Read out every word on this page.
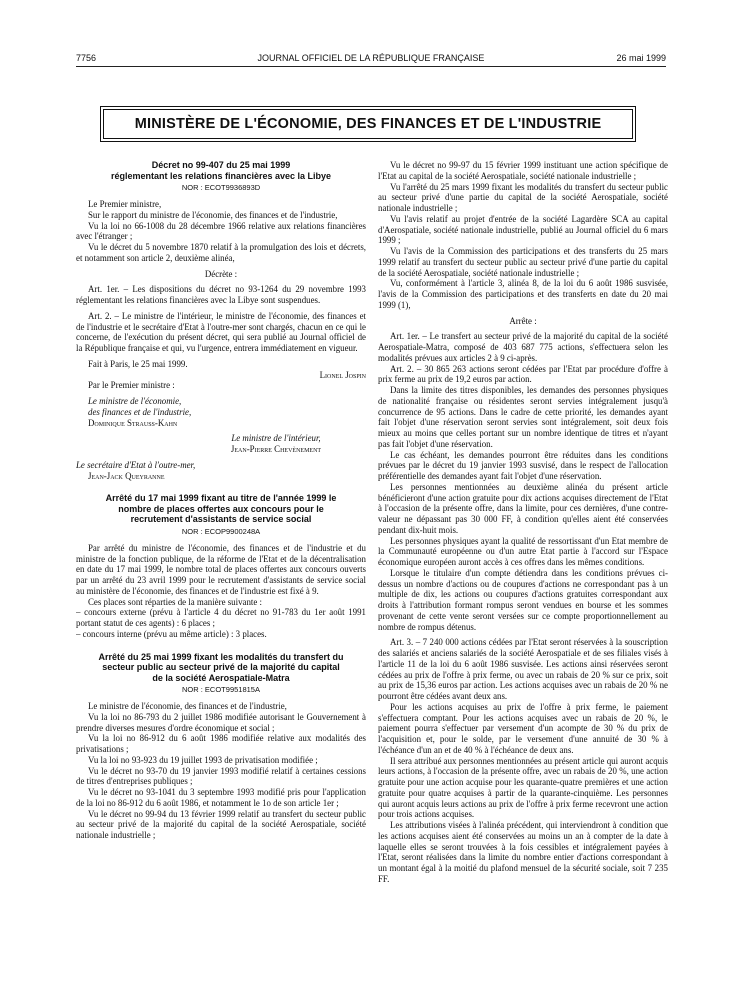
7756	JOURNAL OFFICIEL DE LA RÉPUBLIQUE FRANÇAISE	26 mai 1999
MINISTÈRE DE L'ÉCONOMIE, DES FINANCES ET DE L'INDUSTRIE

Décret no 99-407 du 25 mai 1999

réglementant les relations financières avec la Libye

NOR : ECOT9936893D

Le Premier ministre,

Sur le rapport du ministre de l'économie, des finances et de l'industrie,

Vu la loi no 66-1008 du 28 décembre 1966 relative aux relations financières avec l'étranger ;

Vu le décret du 5 novembre 1870 relatif à la promulgation des lois et décrets, et notamment son article 2, deuxième alinéa,

Décrète :

Art. 1er. – Les dispositions du décret no 93-1264 du 29 novembre 1993 réglementant les relations financières avec la Libye sont suspendues.

Art. 2. – Le ministre de l'intérieur, le ministre de l'économie, des finances et de l'industrie et le secrétaire d'Etat à l'outre-mer sont chargés, chacun en ce qui le concerne, de l'exécution du présent décret, qui sera publié au Journal officiel de la République française et qui, vu l'urgence, entrera immédiatement en vigueur.

Fait à Paris, le 25 mai 1999.

Lionel Jospin

Par le Premier ministre :

Le ministre de l'économie,

des finances et de l'industrie,

Dominique Strauss-Kahn

Le ministre de l'intérieur,

Jean-Pierre Chevènement

Le secrétaire d'Etat à l'outre-mer,

Jean-Jack Queyranne

Arrêté du 17 mai 1999 fixant au titre de l'année 1999 le

nombre de places offertes aux concours pour le

recrutement d'assistants de service social

NOR : ECOP9900248A

Par arrêté du ministre de l'économie, des finances et de l'industrie et du ministre de la fonction publique, de la réforme de l'Etat et de la décentralisation en date du 17 mai 1999, le nombre total de places offertes aux concours ouverts par un arrêté du 23 avril 1999 pour le recrutement d'assistants de service social au ministère de l'économie, des finances et de l'industrie est fixé à 9.

Ces places sont réparties de la manière suivante :

– concours externe (prévu à l'article 4 du décret no 91-783 du 1er août 1991 portant statut de ces agents) : 6 places ;

– concours interne (prévu au même article) : 3 places.

Arrêté du 25 mai 1999 fixant les modalités du transfert du

secteur public au secteur privé de la majorité du capital

de la société Aerospatiale-Matra

NOR : ECOT9951815A

Le ministre de l'économie, des finances et de l'industrie,

Vu la loi no 86-793 du 2 juillet 1986 modifiée autorisant le Gouvernement à prendre diverses mesures d'ordre économique et social ;

Vu la loi no 86-912 du 6 août 1986 modifiée relative aux modalités des privatisations ;

Vu la loi no 93-923 du 19 juillet 1993 de privatisation modifiée ;

Vu le décret no 93-70 du 19 janvier 1993 modifié relatif à certaines cessions de titres d'entreprises publiques ;

Vu le décret no 93-1041 du 3 septembre 1993 modifié pris pour l'application de la loi no 86-912 du 6 août 1986, et notamment le 1o de son article 1er ;

Vu le décret no 99-94 du 13 février 1999 relatif au transfert du secteur public au secteur privé de la majorité du capital de la société Aerospatiale, société nationale industrielle ;

Vu le décret no 99-97 du 15 février 1999 instituant une action spécifique de l'Etat au capital de la société Aerospatiale, société nationale industrielle ;

Vu l'arrêté du 25 mars 1999 fixant les modalités du transfert du secteur public au secteur privé d'une partie du capital de la société Aerospatiale, société nationale industrielle ;

Vu l'avis relatif au projet d'entrée de la société Lagardère SCA au capital d'Aerospatiale, société nationale industrielle, publié au Journal officiel du 6 mars 1999 ;

Vu l'avis de la Commission des participations et des transferts du 25 mars 1999 relatif au transfert du secteur public au secteur privé d'une partie du capital de la société Aerospatiale, société nationale industrielle ;

Vu, conformément à l'article 3, alinéa 8, de la loi du 6 août 1986 susvisée, l'avis de la Commission des participations et des transferts en date du 20 mai 1999 (1),

Arrête :

Art. 1er. – Le transfert au secteur privé de la majorité du capital de la société Aerospatiale-Matra, composé de 403 687 775 actions, s'effectuera selon les modalités prévues aux articles 2 à 9 ci-après.

Art. 2. – 30 865 263 actions seront cédées par l'Etat par procédure d'offre à prix ferme au prix de 19,2 euros par action.

Dans la limite des titres disponibles, les demandes des personnes physiques de nationalité française ou résidentes seront servies intégralement jusqu'à concurrence de 95 actions. Dans le cadre de cette priorité, les demandes ayant fait l'objet d'une réservation seront servies sont intégralement, soit deux fois mieux au moins que celles portant sur un nombre identique de titres et n'ayant pas fait l'objet d'une réservation.

Le cas échéant, les demandes pourront être réduites dans les conditions prévues par le décret du 19 janvier 1993 susvisé, dans le respect de l'allocation préférentielle des demandes ayant fait l'objet d'une réservation.

Les personnes mentionnées au deuxième alinéa du présent article bénéficieront d'une action gratuite pour dix actions acquises directement de l'Etat à l'occasion de la présente offre, dans la limite, pour ces dernières, d'une contre-valeur ne dépassant pas 30 000 FF, à condition qu'elles aient été conservées pendant dix-huit mois.

Les personnes physiques ayant la qualité de ressortissant d'un Etat membre de la Communauté européenne ou d'un autre Etat partie à l'accord sur l'Espace économique européen auront accès à ces offres dans les mêmes conditions.

Lorsque le titulaire d'un compte détiendra dans les conditions prévues ci-dessus un nombre d'actions ou de coupures d'actions ne correspondant pas à un multiple de dix, les actions ou coupures d'actions gratuites correspondant aux droits à l'attribution formant rompus seront vendues en bourse et les sommes provenant de cette vente seront versées sur ce compte proportionnellement au nombre de rompus détenus.

Art. 3. – 7 240 000 actions cédées par l'Etat seront réservées à la souscription des salariés et anciens salariés de la société Aerospatiale et de ses filiales visés à l'article 11 de la loi du 6 août 1986 susvisée. Les actions ainsi réservées seront cédées au prix de l'offre à prix ferme, ou avec un rabais de 20 % sur ce prix, soit au prix de 15,36 euros par action. Les actions acquises avec un rabais de 20 % ne pourront être cédées avant deux ans.

Pour les actions acquises au prix de l'offre à prix ferme, le paiement s'effectuera comptant. Pour les actions acquises avec un rabais de 20 %, le paiement pourra s'effectuer par versement d'un acompte de 30 % du prix de l'acquisition et, pour le solde, par le versement d'une annuité de 30 % à l'échéance d'un an et de 40 % à l'échéance de deux ans.

Il sera attribué aux personnes mentionnées au présent article qui auront acquis leurs actions, à l'occasion de la présente offre, avec un rabais de 20 %, une action gratuite pour une action acquise pour les quarante-quatre premières et une action gratuite pour quatre acquises à partir de la quarante-cinquième. Les personnes qui auront acquis leurs actions au prix de l'offre à prix ferme recevront une action pour trois actions acquises.

Les attributions visées à l'alinéa précédent, qui interviendront à condition que les actions acquises aient été conservées au moins un an à compter de la date à laquelle elles se seront trouvées à la fois cessibles et intégralement payées à l'Etat, seront réalisées dans la limite du nombre entier d'actions correspondant à un montant égal à la moitié du plafond mensuel de la sécurité sociale, soit 7 235 FF.
